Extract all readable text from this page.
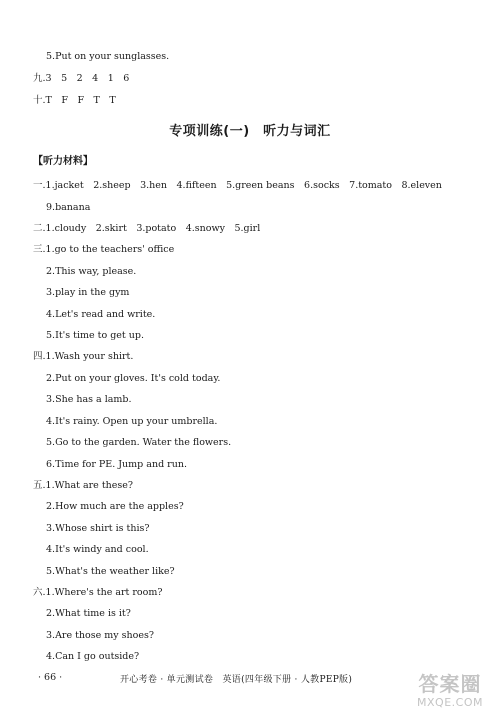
5.Put on your sunglasses.
九.3　5　2　4　1　6
十.T　F　F　T　T
专项训练(一)　听力与词汇
【听力材料】
一.1.jacket　2.sheep　3.hen　4.fifteen　5.green beans　6.socks　7.tomato　8.eleven
9.banana
二.1.cloudy　2.skirt　3.potato　4.snowy　5.girl
三.1.go to the teachers' office
2.This way, please.
3.play in the gym
4.Let's read and write.
5.It's time to get up.
四.1.Wash your shirt.
2.Put on your gloves. It's cold today.
3.She has a lamb.
4.It's rainy. Open up your umbrella.
5.Go to the garden. Water the flowers.
6.Time for PE. Jump and run.
五.1.What are these?
2.How much are the apples?
3.Whose shirt is this?
4.It's windy and cool.
5.What's the weather like?
六.1.Where's the art room?
2.What time is it?
3.Are those my shoes?
4.Can I go outside?
· 66 ·	开心考卷 · 单元测试卷　英语(四年级下册 · 人教PEP版)	答案圈
MXQE.COM
